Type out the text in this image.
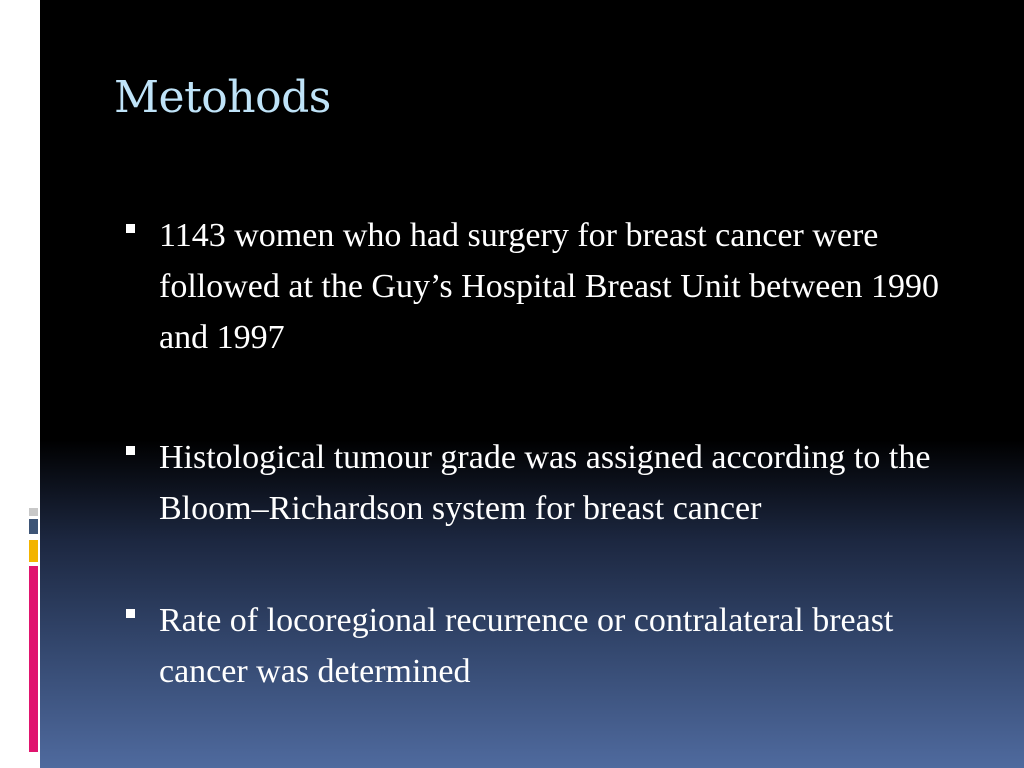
Metohods
1143 women who had surgery for breast cancer were followed at the Guy’s Hospital Breast Unit between 1990 and 1997
Histological tumour grade was assigned according to the Bloom–Richardson system for breast cancer
Rate of locoregional recurrence or contralateral breast cancer was determined
